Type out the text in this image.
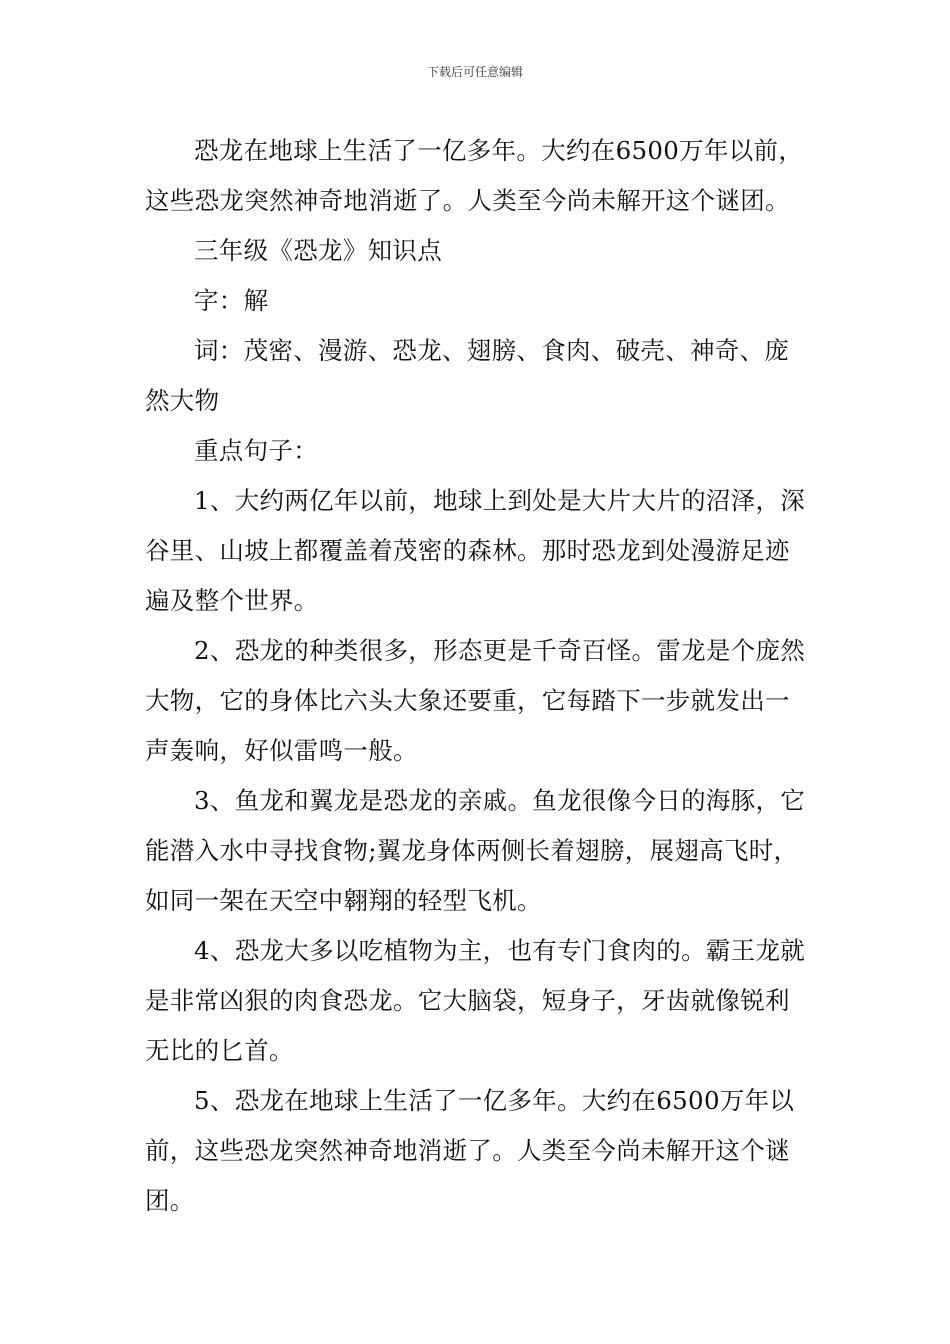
下载后可任意编辑

恐龙在地球上生活了一亿多年。大约在6500万年以前，这些恐龙突然神奇地消逝了。人类至今尚未解开这个谜团。

三年级《恐龙》知识点

字：解

词：茂密、漫游、恐龙、翅膀、食肉、破壳、神奇、庞然大物

重点句子：

1、大约两亿年以前，地球上到处是大片大片的沼泽，深谷里、山坡上都覆盖着茂密的森林。那时恐龙到处漫游足迹遍及整个世界。

2、恐龙的种类很多，形态更是千奇百怪。雷龙是个庞然大物，它的身体比六头大象还要重，它每踏下一步就发出一声轰响，好似雷鸣一般。

3、鱼龙和翼龙是恐龙的亲戚。鱼龙很像今日的海豚，它能潜入水中寻找食物;翼龙身体两侧长着翅膀，展翅高飞时，如同一架在天空中翱翔的轻型飞机。

4、恐龙大多以吃植物为主，也有专门食肉的。霸王龙就是非常凶狠的肉食恐龙。它大脑袋，短身子，牙齿就像锐利无比的匕首。

5、恐龙在地球上生活了一亿多年。大约在6500万年以前，这些恐龙突然神奇地消逝了。人类至今尚未解开这个谜团。
